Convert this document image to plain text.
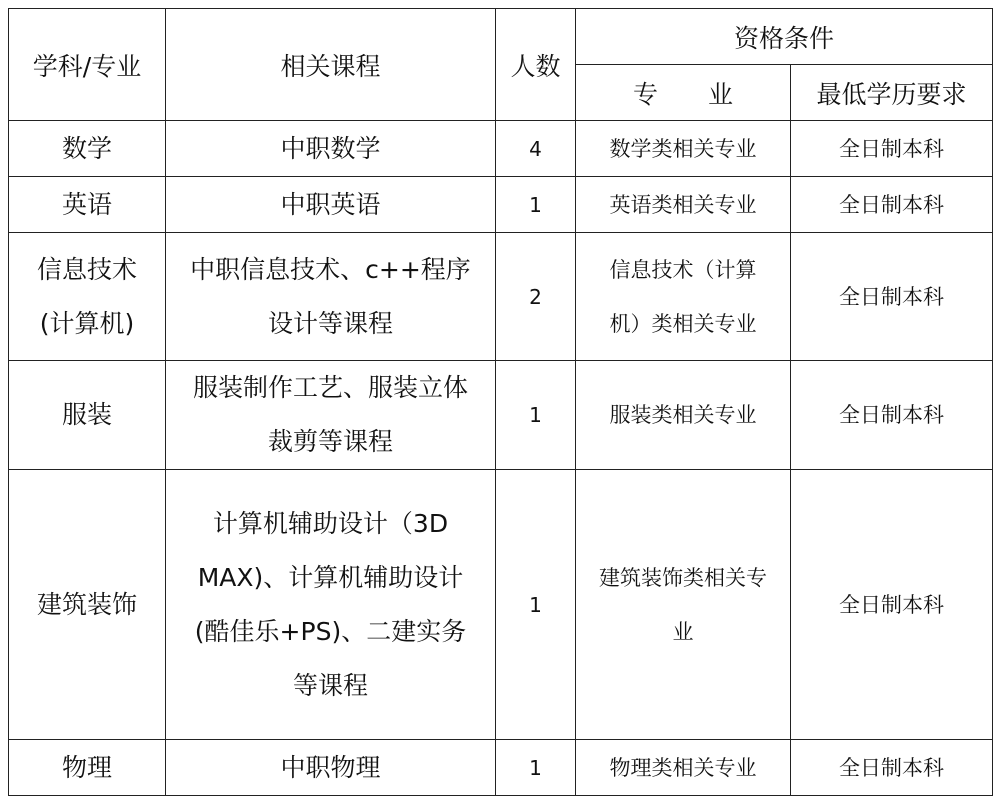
学科/专业	相关课程	人数	资格条件	
			专　　业	最低学历要求
数学	中职数学	4	数学类相关专业	全日制本科
英语	中职英语	1	英语类相关专业	全日制本科
信息技术(计算机)	中职信息技术、c++程序设计等课程	2	信息技术（计算机）类相关专业	全日制本科
服装	服装制作工艺、服装立体裁剪等课程	1	服装类相关专业	全日制本科
建筑装饰	计算机辅助设计（3D MAX)、计算机辅助设计(酷佳乐+PS)、二建实务等课程	1	建筑装饰类相关专业	全日制本科
物理	中职物理	1	物理类相关专业	全日制本科
